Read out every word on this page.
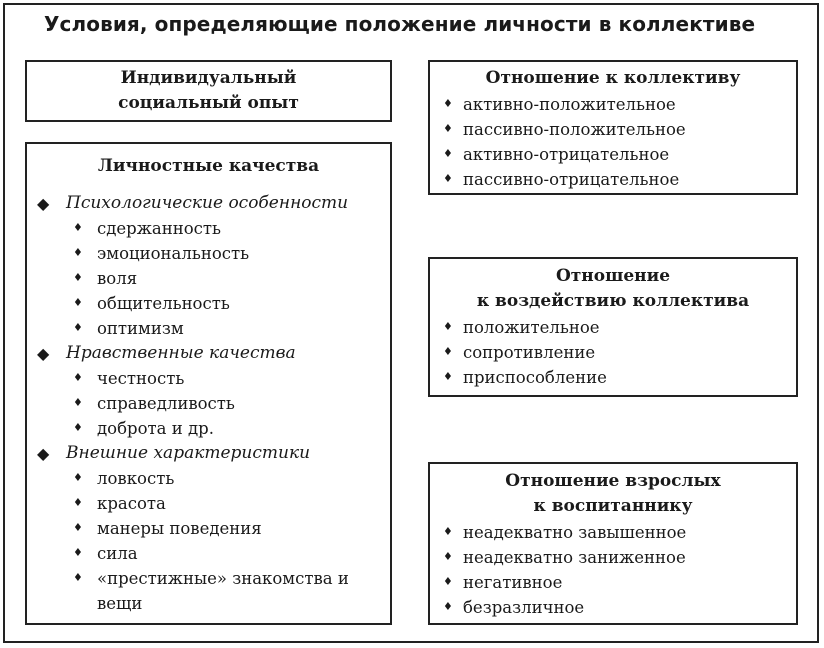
Условия, определяющие положение личности в коллективе
Индивидуальный
социальный опыт
Личностные качества
◆ Психологические особенности
♦ сдержанность
♦ эмоциональность
♦ воля
♦ общительность
♦ оптимизм
◆ Нравственные качества
♦ честность
♦ справедливость
♦ доброта и др.
◆ Внешние характеристики
♦ ловкость
♦ красота
♦ манеры поведения
♦ сила
♦ «престижные» знакомства и вещи
Отношение к коллективу
♦ активно-положительное
♦ пассивно-положительное
♦ активно-отрицательное
♦ пассивно-отрицательное
Отношение
к воздействию коллектива
♦ положительное
♦ сопротивление
♦ приспособление
Отношение взрослых
к воспитаннику
♦ неадекватно завышенное
♦ неадекватно заниженное
♦ негативное
♦ безразличное
